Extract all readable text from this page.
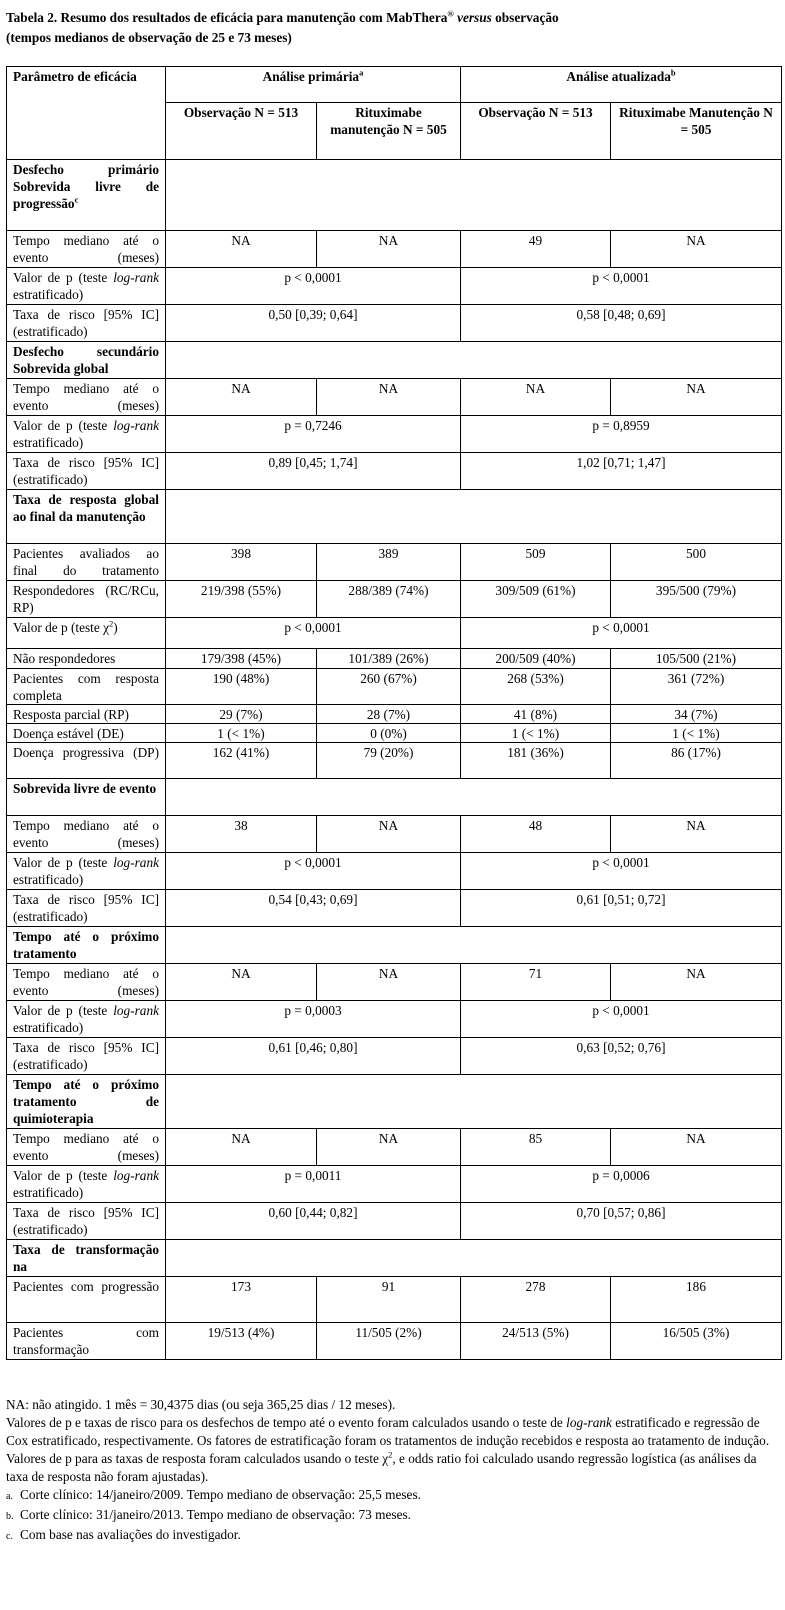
Tabela 2. Resumo dos resultados de eficácia para manutenção com MabThera® versus observação
(tempos medianos de observação de 25 e 73 meses)
Parâmetro de eficácia	Análise primária$^a$		Análise atualizada$^b$
	Observação N = 513	Rituximabe manutenção N = 505	Observação N = 513	Rituximabe Manutenção N = 505
Desfecho primário Sobrevida livre de progressão$^c$	
Tempo mediano até o evento (meses)	NA	NA	49	NA
Valor de p (teste log-rank estratificado)	p < 0,0001		p < 0,0001	
Taxa de risco [95% IC] (estratificado)	0,50 [0,39; 0,64]		0,58 [0,48; 0,69]	
Desfecho secundário Sobrevida global				
Tempo mediano até o evento (meses)	NA	NA	NA	NA
Valor de p (teste log-rank estratificado)	p = 0,7246		p = 0,8959	
Taxa de risco [95% IC] (estratificado)	0,89 [0,45; 1,74]		1,02 [0,71; 1,47]	
Taxa de resposta global ao final da manutenção				
Pacientes avaliados ao final do tratamento	398	389	509	500
Respondedores (RC/RCu, RP)	219/398 (55%)	288/389 (74%)	309/509 (61%)	395/500 (79%)
Valor de p (teste $\chi^2$)	p < 0,0001		p < 0,0001	
Não respondedores	179/398 (45%)	101/389 (26%)	200/509 (40%)	105/500 (21%)
Pacientes com resposta completa	190 (48%)	260 (67%)	268 (53%)	361 (72%)
Resposta parcial (RP)	29 (7%)	28 (7%)	41 (8%)	34 (7%)
Doença estável (DE)	1 (< 1%)	0 (0%)	1 (< 1%)	1 (< 1%)
Doença progressiva (DP)	162 (41%)	79 (20%)	181 (36%)	86 (17%)
Sobrevida livre de evento				
Tempo mediano até o evento (meses)	38	NA	48	NA
Valor de p (teste log-rank estratificado)	p < 0,0001		p < 0,0001	
Taxa de risco [95% IC] (estratificado)	0,54 [0,43; 0,69]		0,61 [0,51; 0,72]	
Tempo até o próximo tratamento				
Tempo mediano até o evento (meses)	NA	NA	71	NA
Valor de p (teste log-rank estratificado)	p = 0,0003		p < 0,0001	
Taxa de risco [95% IC] (estratificado)	0,61 [0,46; 0,80]		0,63 [0,52; 0,76]	
Tempo até o próximo tratamento de quimioterapia				
Tempo mediano até o evento (meses)	NA	NA	85	NA
Valor de p (teste log-rank estratificado)	p = 0,0011		p = 0,0006	
Taxa de risco [95% IC] (estratificado)	0,60 [0,44; 0,82]		0,70 [0,57; 0,86]	
Taxa de transformação na				
Pacientes com progressão	173	91	278	186
Pacientes com transformação	19/513 (4%)	11/505 (2%)	24/513 (5%)	16/505 (3%)

NA: não atingido. 1 mês = 30,4375 dias (ou seja 365,25 dias / 12 meses).

Valores de p e taxas de risco para os desfechos de tempo até o evento foram calculados usando o teste de log-rank estratificado e regressão de Cox estratificado, respectivamente. Os fatores de estratificação foram os tratamentos de indução recebidos e resposta ao tratamento de indução. Valores de p para as taxas de resposta foram calculados usando o teste $\chi^2$, e odds ratio foi calculado usando regressão logística (as análises da taxa de resposta não foram ajustadas).

a. Corte clínico: 14/janeiro/2009. Tempo mediano de observação: 25,5 meses.

b. Corte clínico: 31/janeiro/2013. Tempo mediano de observação: 73 meses.

c. Com base nas avaliações do investigador.
